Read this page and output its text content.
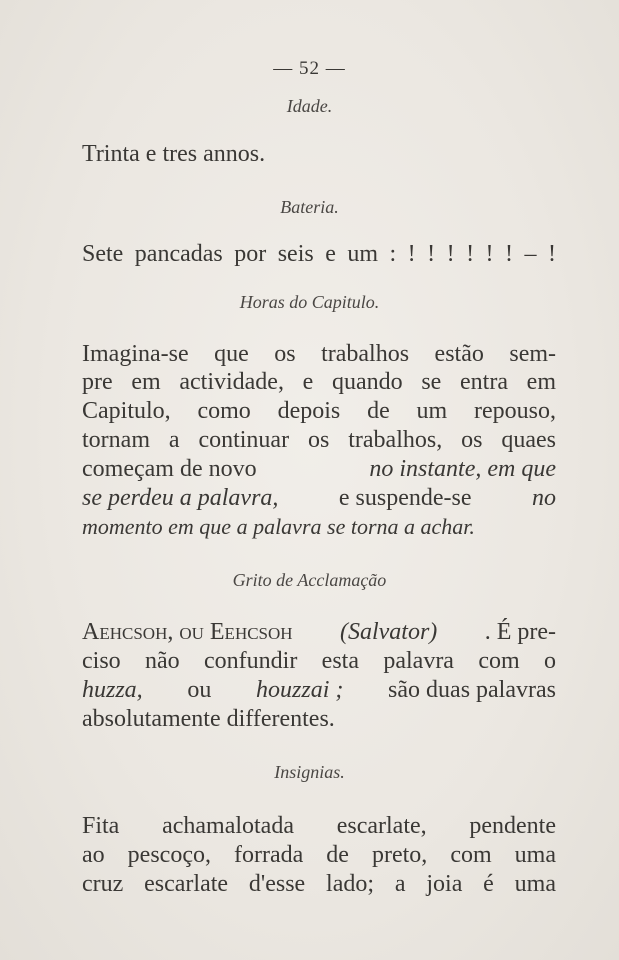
— 52 —
Idade.
Trinta e tres annos.
Bateria.
Sete pancadas por seis e um : ! ! ! ! ! ! – !
Horas do Capitulo.
Imagina-se que os trabalhos estão sem-
pre em actividade, e quando se entra em
Capitulo, como depois de um repouso,
tornam a continuar os trabalhos, os quaes
começam de novo	no instante, em que
se perdeu a palavra,	e suspende-se	no
momento em que a palavra se torna a achar.
Grito de Acclamação
Aehcsoh, ou Eehcsoh (Salvator) . É pre-
ciso não confundir esta palavra com o
huzza, ou houzzai ; são duas palavras
absolutamente differentes.
Insignias.
Fita achamalotada escarlate, pendente
ao pescoço, forrada de preto, com uma
cruz escarlate d'esse lado; a joia é uma
